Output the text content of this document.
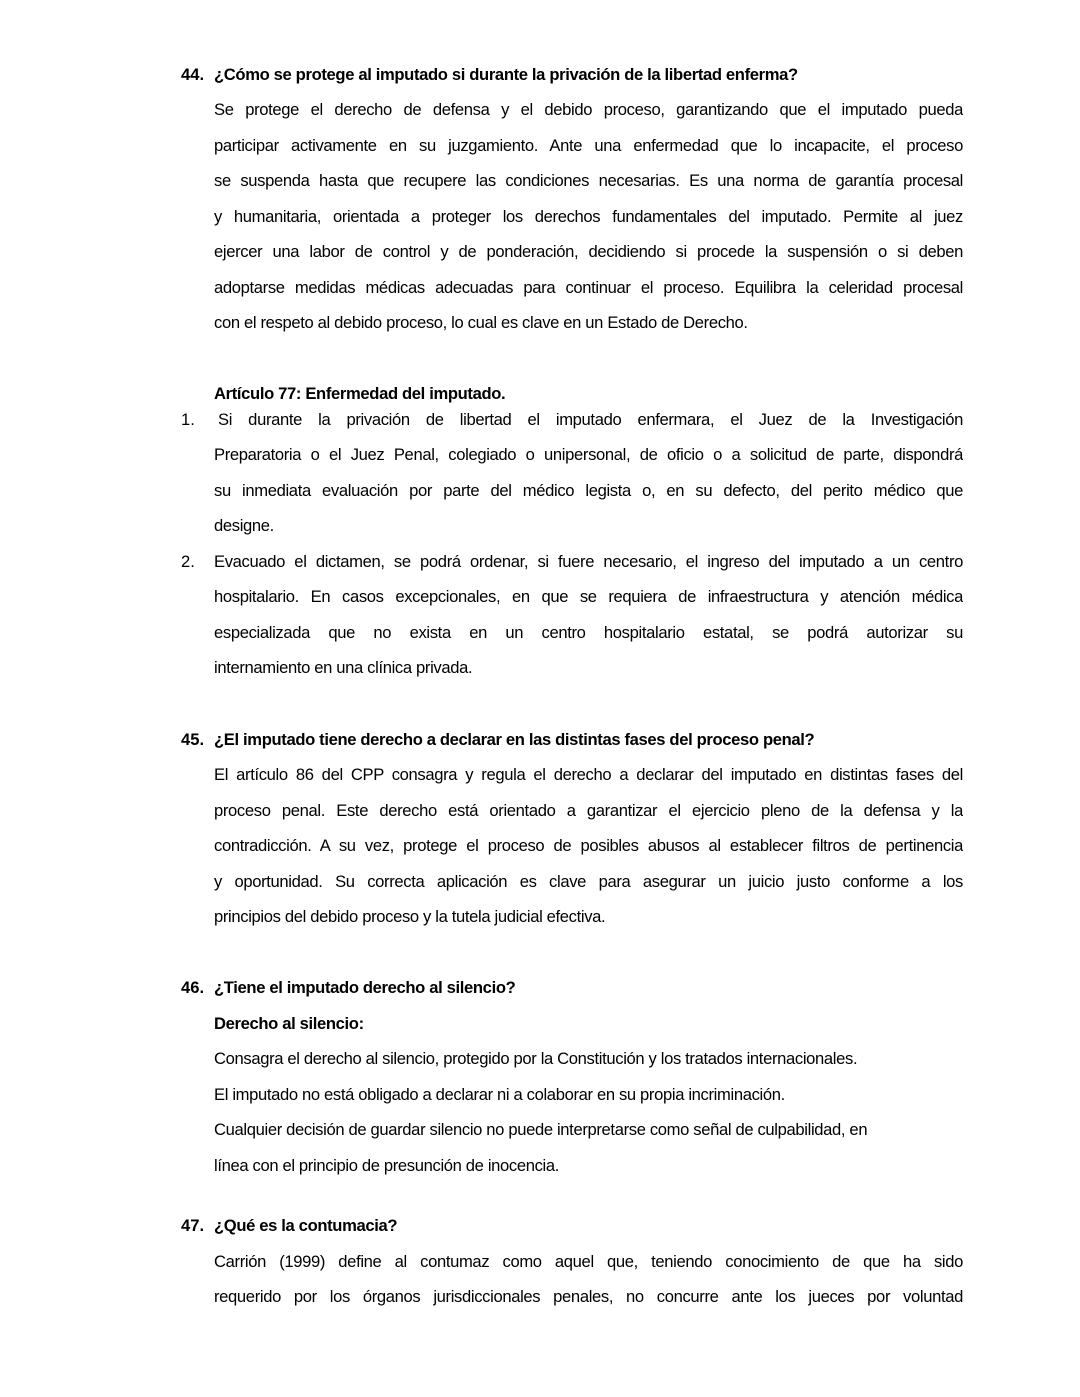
44. ¿Cómo se protege al imputado si durante la privación de la libertad enferma?
Se protege el derecho de defensa y el debido proceso, garantizando que el imputado pueda
participar activamente en su juzgamiento. Ante una enfermedad que lo incapacite, el proceso
se suspenda hasta que recupere las condiciones necesarias. Es una norma de garantía procesal
y humanitaria, orientada a proteger los derechos fundamentales del imputado. Permite al juez
ejercer una labor de control y de ponderación, decidiendo si procede la suspensión o si deben
adoptarse medidas médicas adecuadas para continuar el proceso. Equilibra la celeridad procesal
con el respeto al debido proceso, lo cual es clave en un Estado de Derecho.
Artículo 77: Enfermedad del imputado.
1. Si durante la privación de libertad el imputado enfermara, el Juez de la Investigación
Preparatoria o el Juez Penal, colegiado o unipersonal, de oficio o a solicitud de parte, dispondrá
su inmediata evaluación por parte del médico legista o, en su defecto, del perito médico que
designe.
2. Evacuado el dictamen, se podrá ordenar, si fuere necesario, el ingreso del imputado a un centro
hospitalario. En casos excepcionales, en que se requiera de infraestructura y atención médica
especializada que no exista en un centro hospitalario estatal, se podrá autorizar su
internamiento en una clínica privada.
45. ¿El imputado tiene derecho a declarar en las distintas fases del proceso penal?
El artículo 86 del CPP consagra y regula el derecho a declarar del imputado en distintas fases del
proceso penal. Este derecho está orientado a garantizar el ejercicio pleno de la defensa y la
contradicción. A su vez, protege el proceso de posibles abusos al establecer filtros de pertinencia
y oportunidad. Su correcta aplicación es clave para asegurar un juicio justo conforme a los
principios del debido proceso y la tutela judicial efectiva.
46. ¿Tiene el imputado derecho al silencio?
Derecho al silencio:
Consagra el derecho al silencio, protegido por la Constitución y los tratados internacionales.
El imputado no está obligado a declarar ni a colaborar en su propia incriminación.
Cualquier decisión de guardar silencio no puede interpretarse como señal de culpabilidad, en
línea con el principio de presunción de inocencia.
47. ¿Qué es la contumacia?
Carrión (1999) define al contumaz como aquel que, teniendo conocimiento de que ha sido
requerido por los órganos jurisdiccionales penales, no concurre ante los jueces por voluntad
